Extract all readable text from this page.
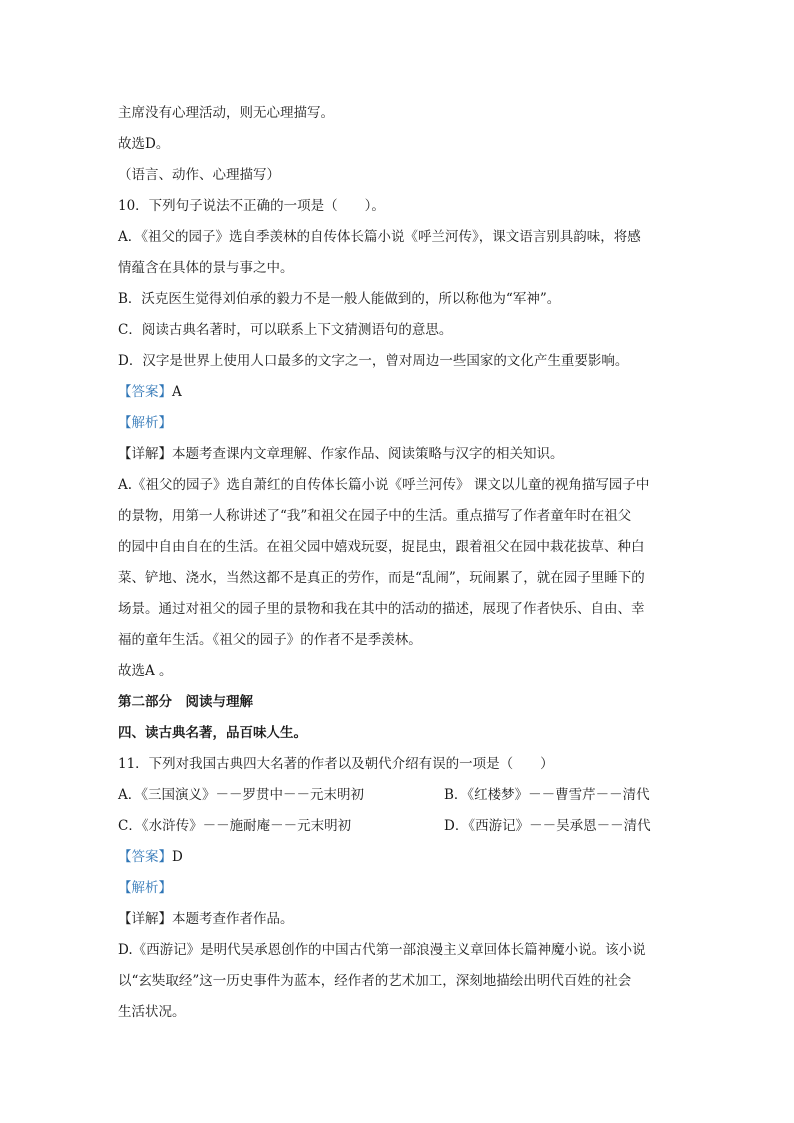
主席没有心理活动，则无心理描写。
故选D。
（语言、动作、心理描写）
10．下列句子说法不正确的一项是（　　）。
A．《祖父的园子》选自季羡林的自传体长篇小说《呼兰河传》，课文语言别具韵味，将感
情蕴含在具体的景与事之中。
B．沃克医生觉得刘伯承的毅力不是一般人能做到的，所以称他为“军神”。
C．阅读古典名著时，可以联系上下文猜测语句的意思。
D．汉字是世界上使用人口最多的文字之一，曾对周边一些国家的文化产生重要影响。
【答案】A
【解析】
【详解】本题考查课内文章理解、作家作品、阅读策略与汉字的相关知识。
A.《祖父的园子》选自萧红的自传体长篇小说《呼兰河传》 课文以儿童的视角描写园子中
的景物，用第一人称讲述了“我”和祖父在园子中的生活。重点描写了作者童年时在祖父
的园中自由自在的生活。在祖父园中嬉戏玩耍，捉昆虫，跟着祖父在园中栽花拔草、种白
菜、铲地、浇水，当然这都不是真正的劳作，而是“乱闹”，玩闹累了，就在园子里睡下的
场景。通过对祖父的园子里的景物和我在其中的活动的描述，展现了作者快乐、自由、幸
福的童年生活。《祖父的园子》的作者不是季羡林。
故选A 。
第二部分　阅读与理解
四、读古典名著，品百味人生。
11．下列对我国古典四大名著的作者以及朝代介绍有误的一项是（　　）
A．《三国演义》－－罗贯中－－元末明初	B．《红楼梦》－－曹雪芹－－清代
C．《水浒传》－－施耐庵－－元末明初	D．《西游记》－－吴承恩－－清代
【答案】D
【解析】
【详解】本题考查作者作品。
D.《西游记》是明代吴承恩创作的中国古代第一部浪漫主义章回体长篇神魔小说。该小说
以“玄奘取经”这一历史事件为蓝本，经作者的艺术加工，深刻地描绘出明代百姓的社会
生活状况。
